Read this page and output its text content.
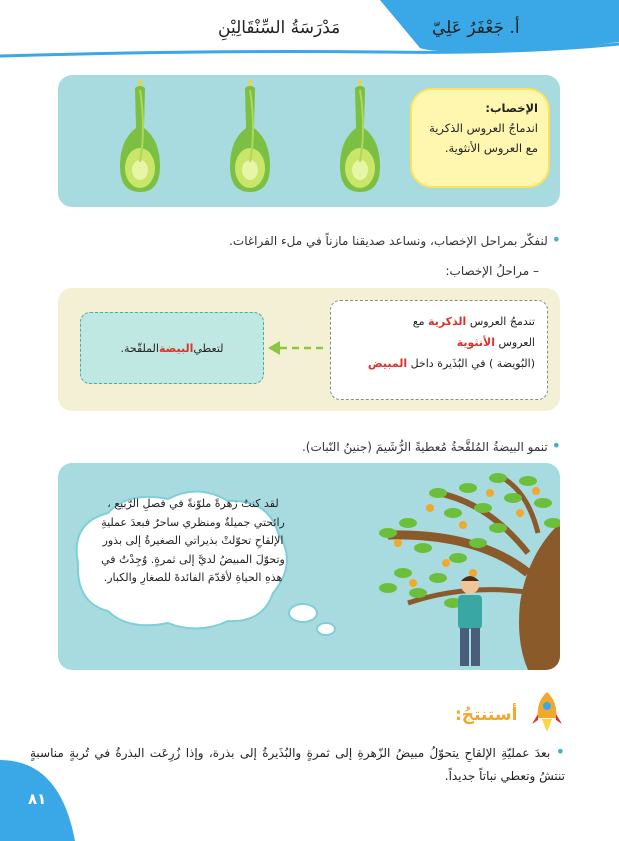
أ. جَعْفَرُ عَلِيّ
مَدْرَسَةُ السِّنْقَالِيْنِ
الإخصاب:
اندماجُ العروس الذكرية مع العروس الأنثوية.
• لنفكّر بمراحل الإخصاب، ونساعد صديقنا مازناً في ملء الفراغات.
– مراحلُ الإخصاب:
تندمجُ العروس الذكرية مع
العروس الأنثوية
(البُويضة ) في البُذَيرة داخل المبيض
لتعطي
البيضة
الملقّحة.
• تنمو البيضةُ المُلقَّحةُ مُعطيةً الرُّشَيمَ (جنينُ النّبات).
لقد كنتُ زهرةً ملوّنةً في فصلِ الرّبيع ،
رائحتي جميلةٌ ومنظري ساحرٌ فبعدَ عمليةِ
الإلقاحِ تحوّلتْ بذيراتي الصغيرةُ إلى بذور
وتحوّلَ المبيضُ لديَّ إلى ثمرةٍ. وُجِدْتُ في
هذهِ الحياةِ لأقدّمَ الفائدةَ للصغارِ والكبار.
أستنتجُ:
• بعدَ عمليّةِ الإلقاحِ يتحوّلُ مبيضُ الزّهرةِ إلى ثمرةٍ والبُذَيرةُ إلى بذرة، وإذا زُرِعَت البذرةُ في تُربةٍ مناسبةٍ تنتشُ وتعطي نباتاً جديداً.
٨١
